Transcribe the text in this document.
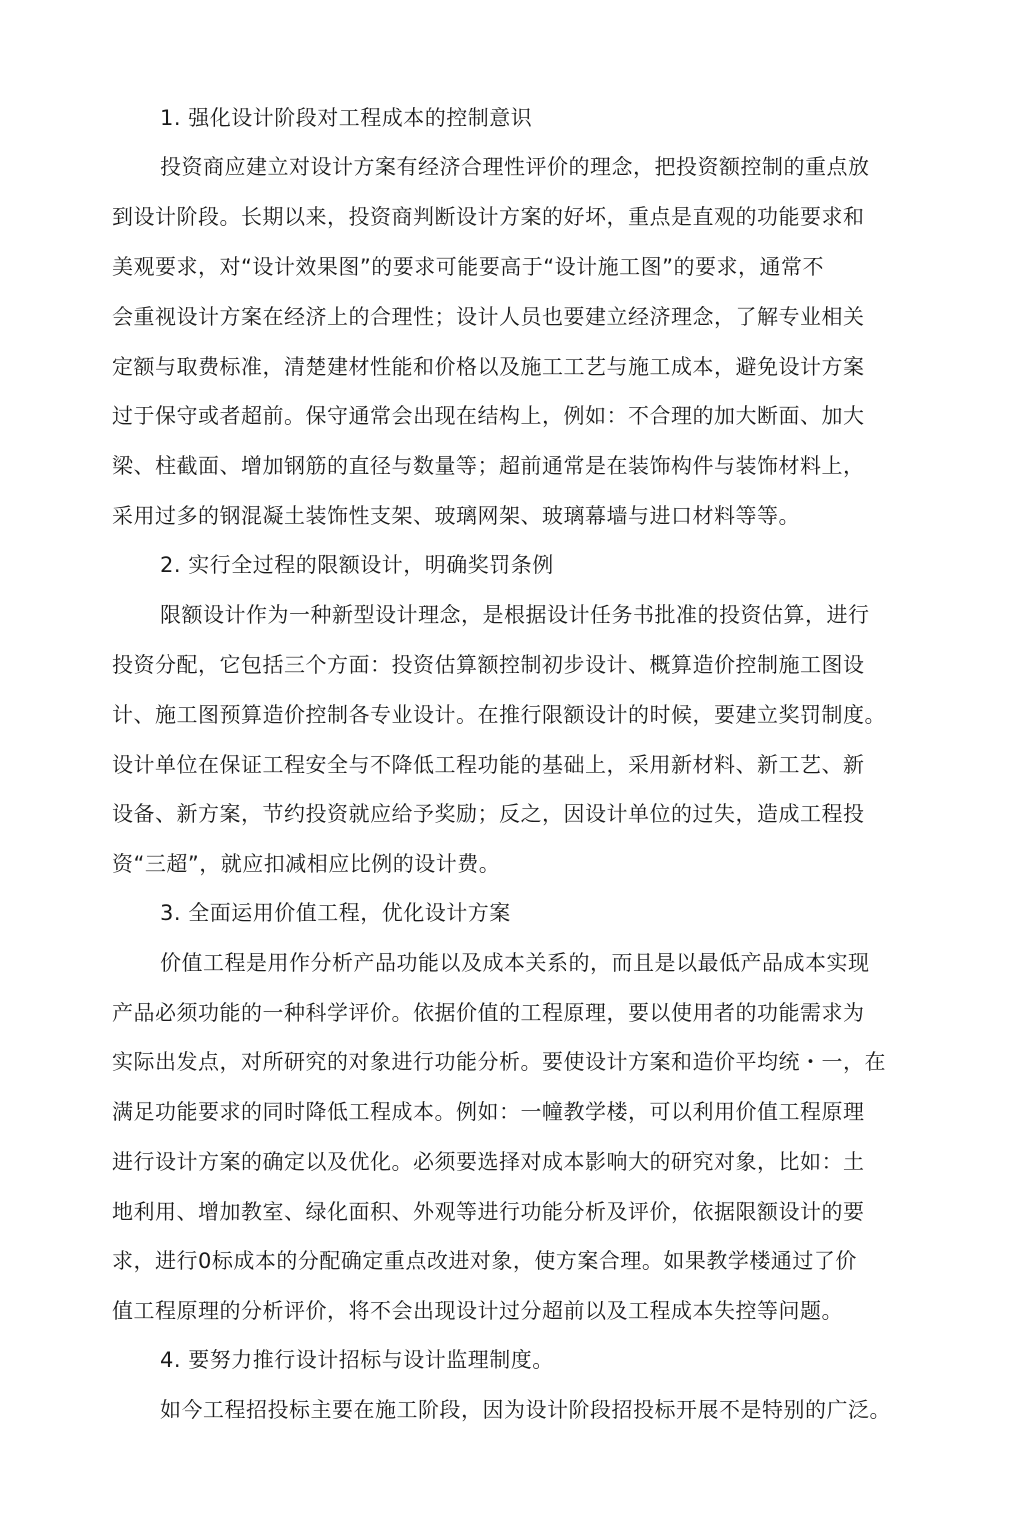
1. 强化设计阶段对工程成本的控制意识
投资商应建立对设计方案有经济合理性评价的理念，把投资额控制的重点放
到设计阶段。长期以来，投资商判断设计方案的好坏，重点是直观的功能要求和
美观要求，对“设计效果图”的要求可能要高于“设计施工图”的要求，通常不
会重视设计方案在经济上的合理性；设计人员也要建立经济理念，了解专业相关
定额与取费标准，清楚建材性能和价格以及施工工艺与施工成本，避免设计方案
过于保守或者超前。保守通常会出现在结构上，例如：不合理的加大断面、加大
梁、柱截面、增加钢筋的直径与数量等；超前通常是在装饰构件与装饰材料上，
采用过多的钢混凝土装饰性支架、玻璃网架、玻璃幕墙与进口材料等等。
2. 实行全过程的限额设计，明确奖罚条例
限额设计作为一种新型设计理念，是根据设计任务书批准的投资估算，进行
投资分配，它包括三个方面：投资估算额控制初步设计、概算造价控制施工图设
计、施工图预算造价控制各专业设计。在推行限额设计的时候，要建立奖罚制度。
设计单位在保证工程安全与不降低工程功能的基础上，采用新材料、新工艺、新
设备、新方案，节约投资就应给予奖励；反之，因设计单位的过失，造成工程投
资“三超”，就应扣减相应比例的设计费。
3. 全面运用价值工程，优化设计方案
价值工程是用作分析产品功能以及成本关系的，而且是以最低产品成本实现
产品必须功能的一种科学评价。依据价值的工程原理，要以使用者的功能需求为
实际出发点，对所研究的对象进行功能分析。要使设计方案和造价平均统・一，在
满足功能要求的同时降低工程成本。例如：一幢教学楼，可以利用价值工程原理
进行设计方案的确定以及优化。必须要选择对成本影响大的研究对象，比如：土
地利用、增加教室、绿化面积、外观等进行功能分析及评价，依据限额设计的要
求，进行0标成本的分配确定重点改进对象，使方案合理。如果教学楼通过了价
值工程原理的分析评价，将不会出现设计过分超前以及工程成本失控等问题。
4. 要努力推行设计招标与设计监理制度。
如今工程招投标主要在施工阶段，因为设计阶段招投标开展不是特别的广泛。
